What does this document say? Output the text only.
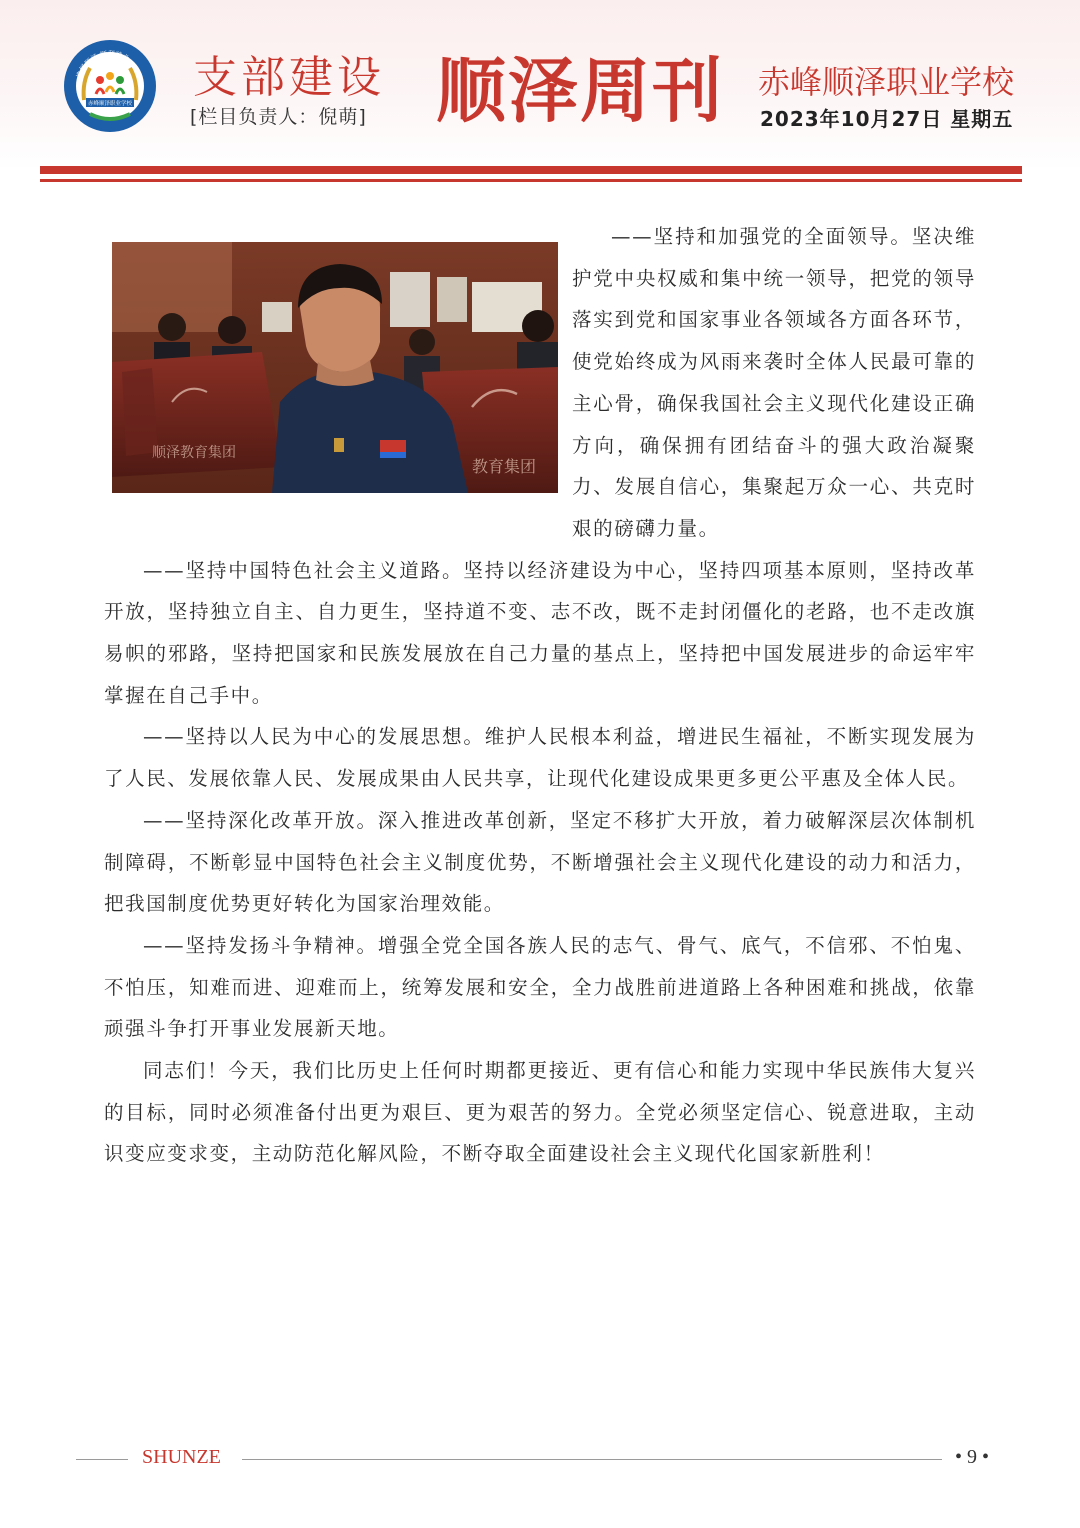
选择顺泽 顺利就业
赤峰顺泽职业学校
支部建设
[栏目负责人：倪萌] 顺泽周刊 赤峰顺泽职业学校
2023年10月27日 星期五

——坚持和加强党的全面领导。坚决维护党中央权威和集中统一领导，把党的领导落实到党和国家事业各领域各方面各环节，使党始终成为风雨来袭时全体人民最可靠的主心骨，确保我国社会主义现代化建设正确方向，确保拥有团结奋斗的强大政治凝聚力、发展自信心，集聚起万众一心、共克时艰的磅礴力量。

——坚持中国特色社会主义道路。坚持以经济建设为中心，坚持四项基本原则，坚持改革开放，坚持独立自主、自力更生，坚持道不变、志不改，既不走封闭僵化的老路，也不走改旗易帜的邪路，坚持把国家和民族发展放在自己力量的基点上，坚持把中国发展进步的命运牢牢掌握在自己手中。

——坚持以人民为中心的发展思想。维护人民根本利益，增进民生福祉，不断实现发展为了人民、发展依靠人民、发展成果由人民共享，让现代化建设成果更多更公平惠及全体人民。

——坚持深化改革开放。深入推进改革创新，坚定不移扩大开放，着力破解深层次体制机制障碍，不断彰显中国特色社会主义制度优势，不断增强社会主义现代化建设的动力和活力，把我国制度优势更好转化为国家治理效能。

——坚持发扬斗争精神。增强全党全国各族人民的志气、骨气、底气，不信邪、不怕鬼、不怕压，知难而进、迎难而上，统筹发展和安全，全力战胜前进道路上各种困难和挑战，依靠顽强斗争打开事业发展新天地。

同志们！今天，我们比历史上任何时期都更接近、更有信心和能力实现中华民族伟大复兴的目标，同时必须准备付出更为艰巨、更为艰苦的努力。全党必须坚定信心、锐意进取，主动识变应变求变，主动防范化解风险，不断夺取全面建设社会主义现代化国家新胜利！

顺泽教育集团
教育集团
SHUNZE	• 9 •
